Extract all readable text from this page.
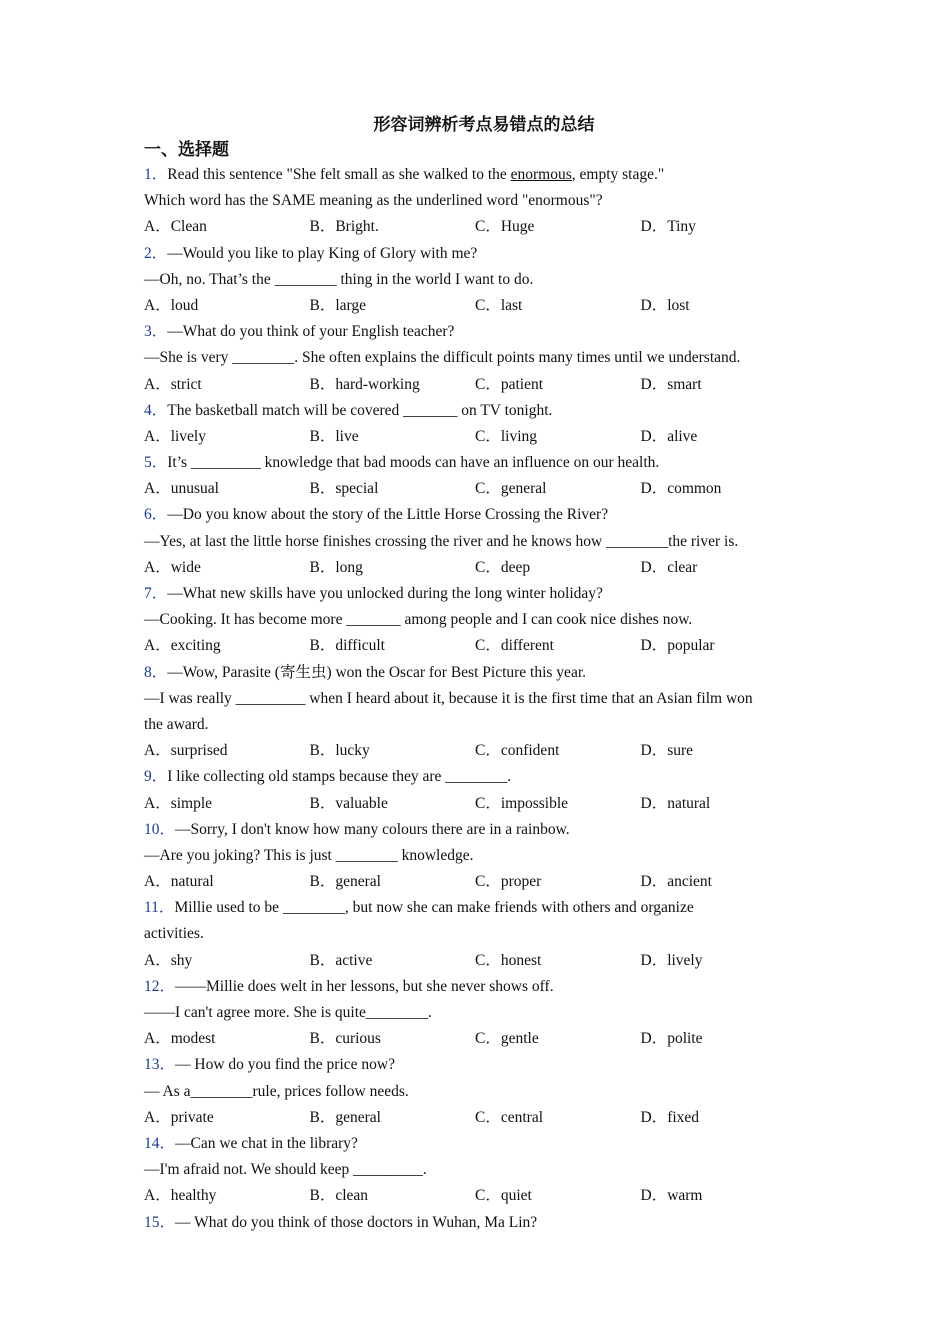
形容词辨析考点易错点的总结
一、选择题
1．Read this sentence "She felt small as she walked to the enormous, empty stage."
Which word has the SAME meaning as the underlined word "enormous"?
A．Clean	B．Bright.	C．Huge	D．Tiny
2．—Would you like to play King of Glory with me?
—Oh, no. That’s the ________ thing in the world I want to do.
A．loud	B．large	C．last	D．lost
3．—What do you think of your English teacher?
—She is very ________. She often explains the difficult points many times until we understand.
A．strict	B．hard-working	C．patient	D．smart
4．The basketball match will be covered _______ on TV tonight.
A．lively	B．live	C．living	D．alive
5．It’s _________ knowledge that bad moods can have an influence on our health.
A．unusual	B．special	C．general	D．common
6．—Do you know about the story of the Little Horse Crossing the River?
—Yes, at last the little horse finishes crossing the river and he knows how ________the river is.
A．wide	B．long	C．deep	D．clear
7．—What new skills have you unlocked during the long winter holiday?
—Cooking. It has become more _______ among people and I can cook nice dishes now.
A．exciting	B．difficult	C．different	D．popular
8．—Wow, Parasite (寄生虫) won the Oscar for Best Picture this year.
—I was really _________ when I heard about it, because it is the first time that an Asian film won
the award.
A．surprised	B．lucky	C．confident	D．sure
9．I like collecting old stamps because they are ________.
A．simple	B．valuable	C．impossible	D．natural
10．—Sorry, I don't know how many colours there are in a rainbow.
—Are you joking? This is just ________ knowledge.
A．natural	B．general	C．proper	D．ancient
11．Millie used to be ________, but now she can make friends with others and organize
activities.
A．shy	B．active	C．honest	D．lively
12．——Millie does welt in her lessons, but she never shows off.
——I can't agree more. She is quite________.
A．modest	B．curious	C．gentle	D．polite
13．— How do you find the price now?
— As a________rule, prices follow needs.
A．private	B．general	C．central	D．fixed
14．—Can we chat in the library?
—I'm afraid not. We should keep _________.
A．healthy	B．clean	C．quiet	D．warm
15．— What do you think of those doctors in Wuhan, Ma Lin?
